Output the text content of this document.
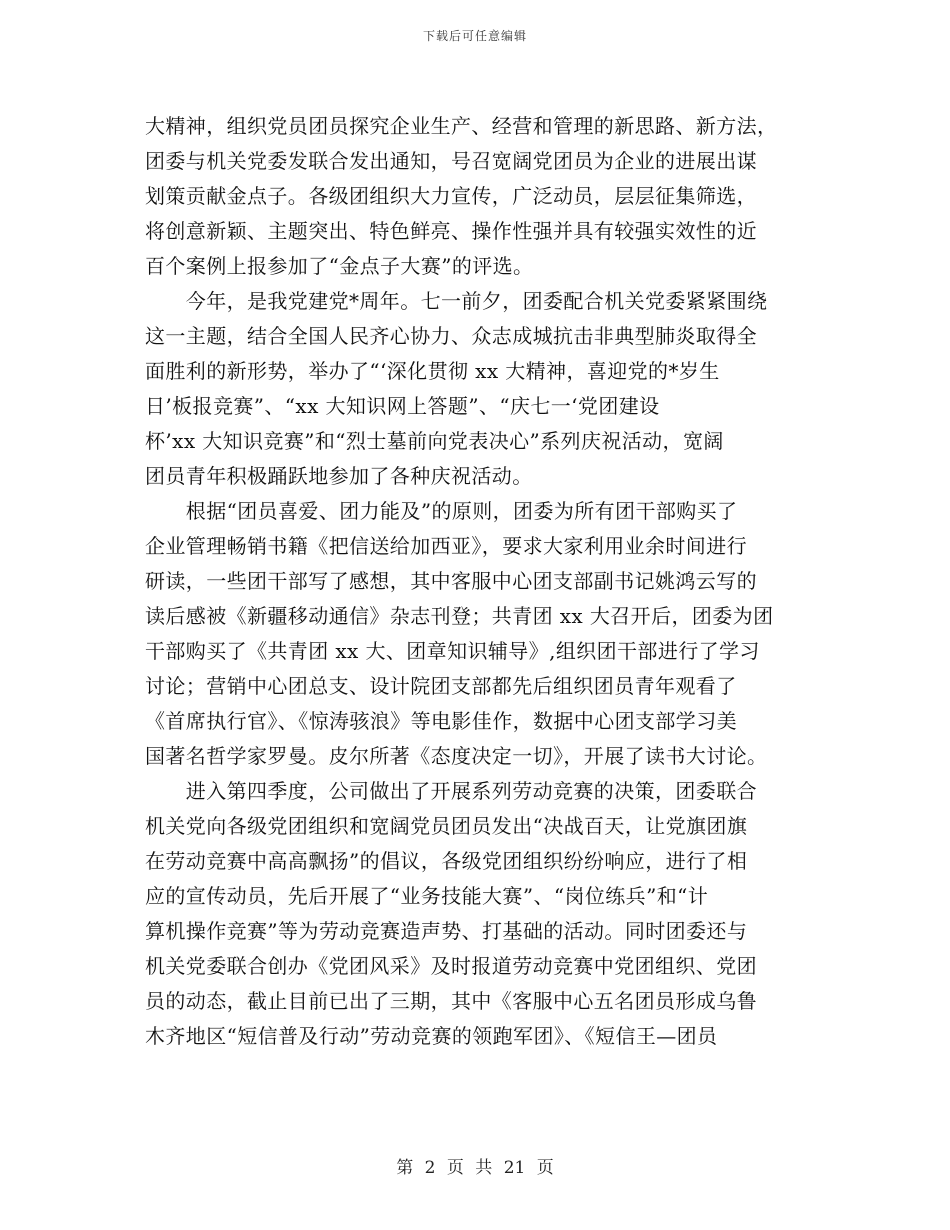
下载后可任意编辑
大精神，组织党员团员探究企业生产、经营和管理的新思路、新方法，
团委与机关党委发联合发出通知，号召宽阔党团员为企业的进展出谋
划策贡献金点子。各级团组织大力宣传，广泛动员，层层征集筛选，
将创意新颖、主题突出、特色鲜亮、操作性强并具有较强实效性的近
百个案例上报参加了“金点子大赛”的评选。
　　今年，是我党建党*周年。七一前夕，团委配合机关党委紧紧围绕
这一主题，结合全国人民齐心协力、众志成城抗击非典型肺炎取得全
面胜利的新形势，举办了“‘深化贯彻 xx 大精神，喜迎党的*岁生
日’板报竞赛”、“xx 大知识网上答题”、“庆七一‘党团建设
杯’xx 大知识竞赛”和“烈士墓前向党表决心”系列庆祝活动，宽阔
团员青年积极踊跃地参加了各种庆祝活动。
　　根据“团员喜爱、团力能及”的原则，团委为所有团干部购买了
企业管理畅销书籍《把信送给加西亚》，要求大家利用业余时间进行
研读，一些团干部写了感想，其中客服中心团支部副书记姚鸿云写的
读后感被《新疆移动通信》杂志刊登；共青团 xx 大召开后，团委为团
干部购买了《共青团 xx 大、团章知识辅导》,组织团干部进行了学习
讨论；营销中心团总支、设计院团支部都先后组织团员青年观看了
《首席执行官》、《惊涛骇浪》等电影佳作，数据中心团支部学习美
国著名哲学家罗曼。皮尔所著《态度决定一切》，开展了读书大讨论。
　　进入第四季度，公司做出了开展系列劳动竞赛的决策，团委联合
机关党向各级党团组织和宽阔党员团员发出“决战百天，让党旗团旗
在劳动竞赛中高高飘扬”的倡议，各级党团组织纷纷响应，进行了相
应的宣传动员，先后开展了“业务技能大赛”、“岗位练兵”和“计
算机操作竞赛”等为劳动竞赛造声势、打基础的活动。同时团委还与
机关党委联合创办《党团风采》及时报道劳动竞赛中党团组织、党团
员的动态，截止目前已出了三期，其中《客服中心五名团员形成乌鲁
木齐地区“短信普及行动”劳动竞赛的领跑军团》、《短信王—团员
第 2 页 共 21 页
